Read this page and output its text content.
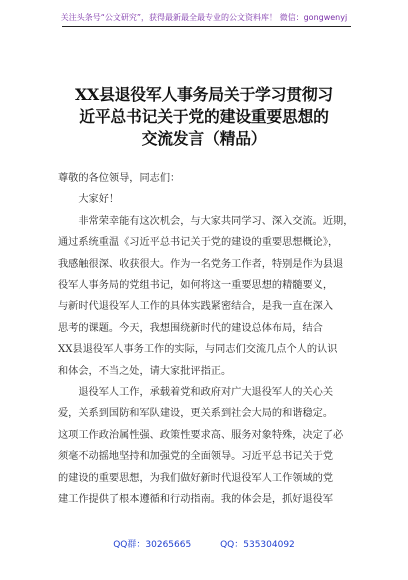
关注头条号“公文研究”，获得最新最全最专业的公文资料库！ 微信：gongwenyj
XX县退役军人事务局关于学习贯彻习
近平总书记关于党的建设重要思想的
交流发言（精品）

尊敬的各位领导，同志们：

　　大家好！

　　非常荣幸能有这次机会，与大家共同学习、深入交流。近期，

通过系统重温《习近平总书记关于党的建设的重要思想概论》，

我感触很深、收获很大。作为一名党务工作者，特别是作为县退

役军人事务局的党组书记，如何将这一重要思想的精髓要义，

与新时代退役军人工作的具体实践紧密结合，是我一直在深入

思考的课题。今天，我想围绕新时代的建设总体布局，结合

XX县退役军人事务工作的实际，与同志们交流几点个人的认识

和体会，不当之处，请大家批评指正。

　　退役军人工作，承载着党和政府对广大退役军人的关心关

爱，关系到国防和军队建设，更关系到社会大局的和谐稳定。

这项工作政治属性强、政策性要求高、服务对象特殊，决定了必

须毫不动摇地坚持和加强党的全面领导。习近平总书记关于党

的建设的重要思想，为我们做好新时代退役军人工作领域的党

建工作提供了根本遵循和行动指南。我的体会是，抓好退役军

QQ群：30265665	QQ：535304092
